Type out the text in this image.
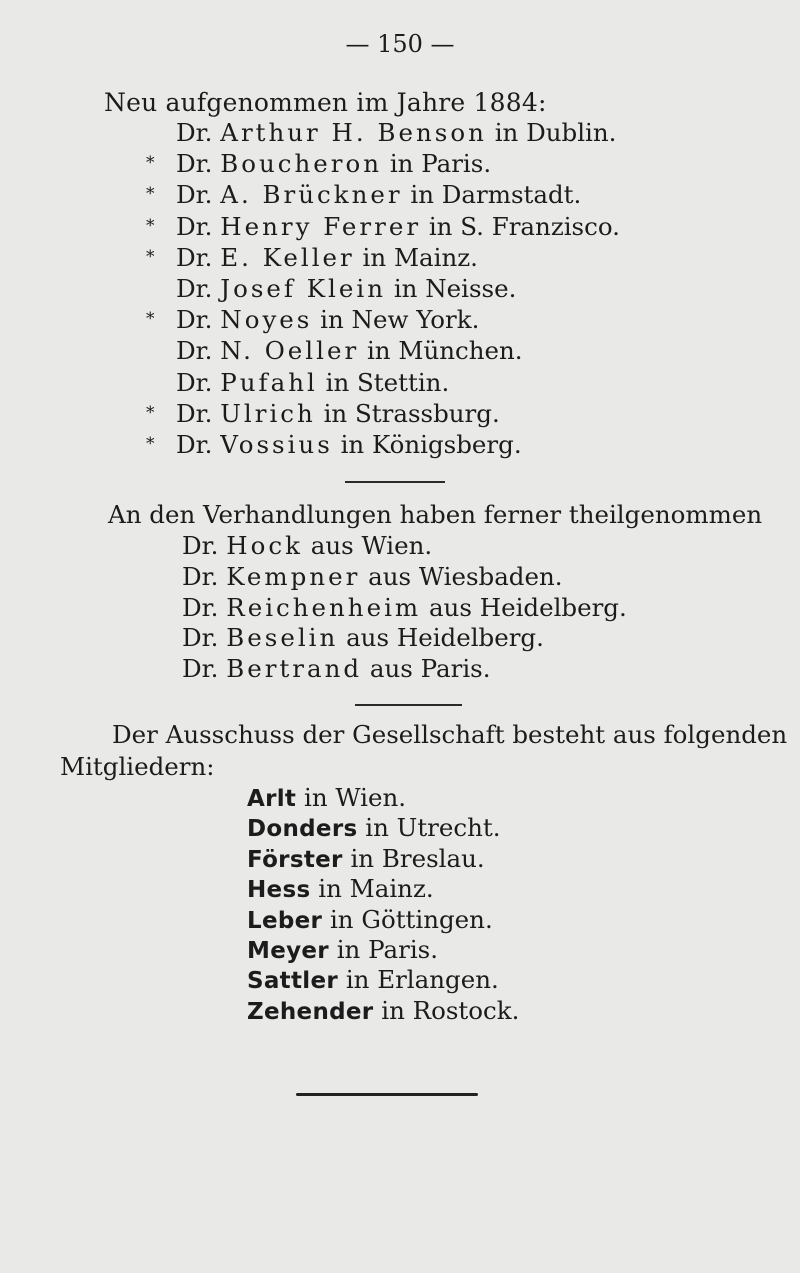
— 150 —
Neu aufgenommen im Jahre 1884:
Dr. Arthur H. Benson in Dublin.
* Dr. Boucheron in Paris.
* Dr. A. Brückner in Darmstadt.
* Dr. Henry Ferrer in S. Franzisco.
* Dr. E. Keller in Mainz.
Dr. Josef Klein in Neisse.
* Dr. Noyes in New York.
Dr. N. Oeller in München.
Dr. Pufahl in Stettin.
* Dr. Ulrich in Strassburg.
* Dr. Vossius in Königsberg.
An den Verhandlungen haben ferner theilgenommen
Dr. Hock aus Wien.
Dr. Kempner aus Wiesbaden.
Dr. Reichenheim aus Heidelberg.
Dr. Beselin aus Heidelberg.
Dr. Bertrand aus Paris.
Der Ausschuss der Gesellschaft besteht aus folgenden
Mitgliedern:
Arlt in Wien.
Donders in Utrecht.
Förster in Breslau.
Hess in Mainz.
Leber in Göttingen.
Meyer in Paris.
Sattler in Erlangen.
Zehender in Rostock.
